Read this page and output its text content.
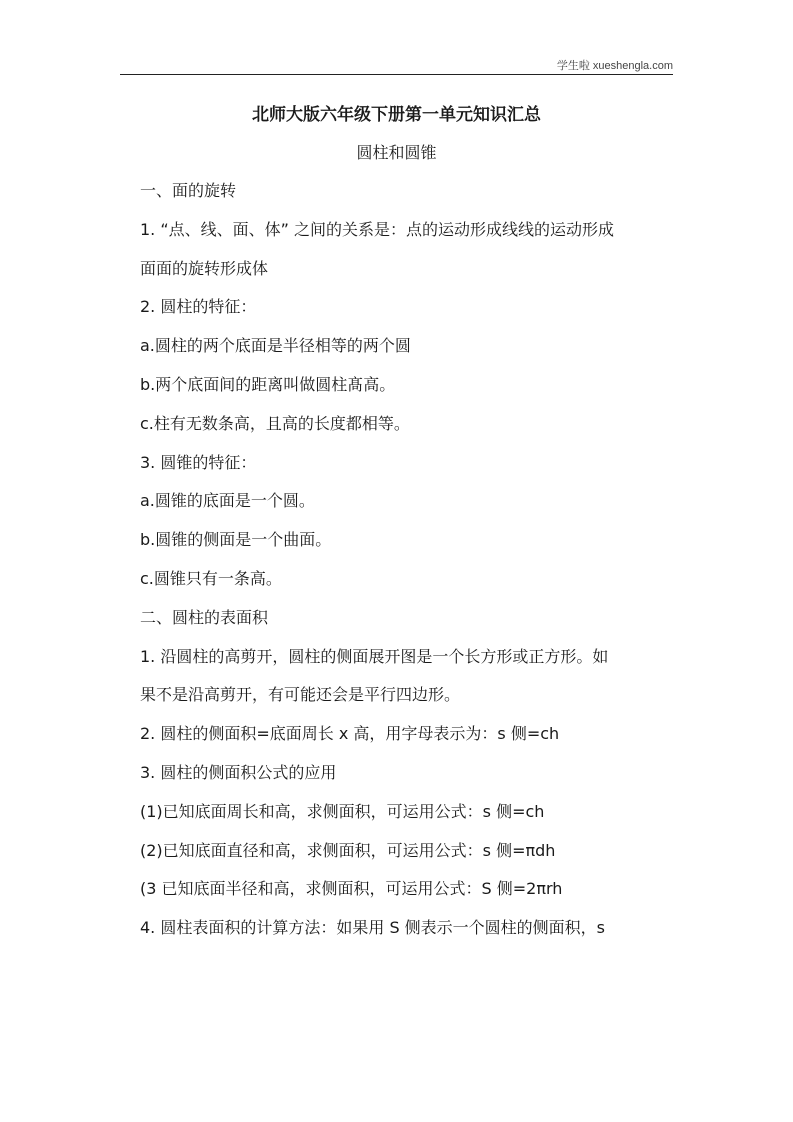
学生啦 xueshengla.com
北师大版六年级下册第一单元知识汇总
圆柱和圆锥
一、面的旋转
1. “点、线、面、体” 之间的关系是：点的运动形成线线的运动形成
面面的旋转形成体
2. 圆柱的特征：
a.圆柱的两个底面是半径相等的两个圆
b.两个底面间的距离叫做圆柱髙高。
c.柱有无数条高，且高的长度都相等。
3. 圆锥的特征：
a.圆锥的底面是一个圆。
b.圆锥的侧面是一个曲面。
c.圆锥只有一条高。
二、圆柱的表面积
1. 沿圆柱的高剪开，圆柱的侧面展开图是一个长方形或正方形。如
果不是沿高剪开，有可能还会是平行四边形。
2. 圆柱的侧面积=底面周长 x 高，用字母表示为：s 侧=ch
3. 圆柱的侧面积公式的应用
(1)已知底面周长和高，求侧面积，可运用公式：s 侧=ch
(2)已知底面直径和高，求侧面积，可运用公式：s 侧=πdh
(3 已知底面半径和高，求侧面积，可运用公式：S 侧=2πrh
4. 圆柱表面积的计算方法：如果用 S 侧表示一个圆柱的侧面积，s
